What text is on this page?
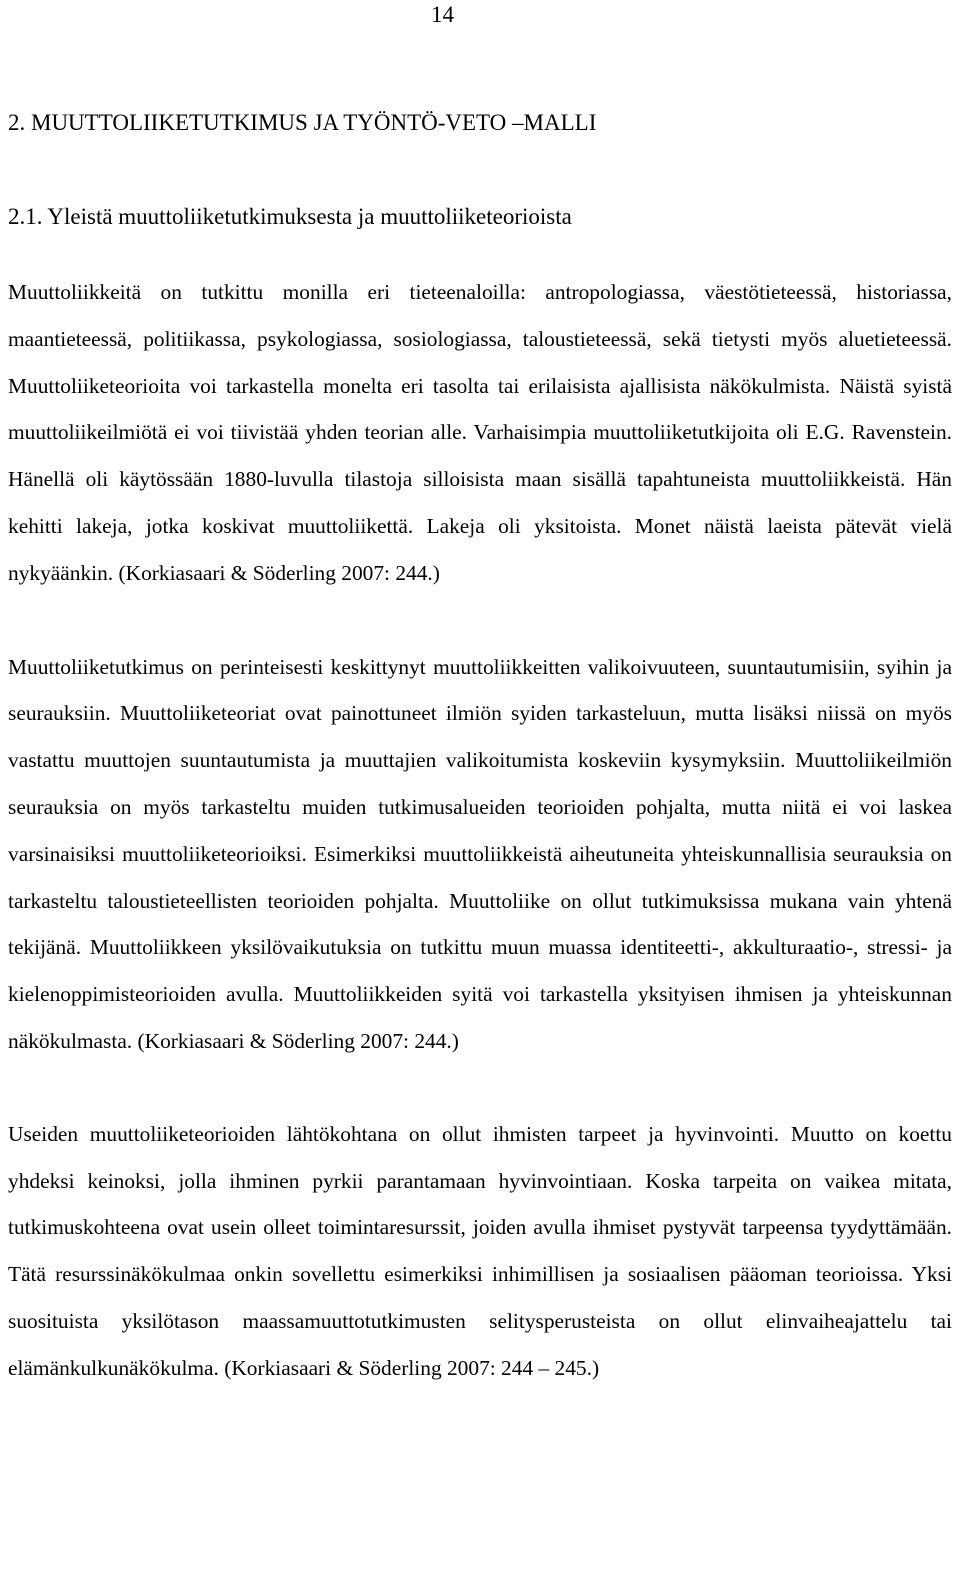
14
2. MUUTTOLIIKETUTKIMUS JA TYÖNTÖ-VETO –MALLI
2.1. Yleistä muuttoliiketutkimuksesta ja muuttoliiketeorioista

Muuttoliikkeitä on tutkittu monilla eri tieteenaloilla: antropologiassa, väestötieteessä, historiassa, maantieteessä, politiikassa, psykologiassa, sosiologiassa, taloustieteessä, sekä tietysti myös aluetieteessä. Muuttoliiketeorioita voi tarkastella monelta eri tasolta tai erilaisista ajallisista näkökulmista. Näistä syistä muuttoliikeilmiötä ei voi tiivistää yhden teorian alle. Varhaisimpia muuttoliiketutkijoita oli E.G. Ravenstein. Hänellä oli käytössään 1880-luvulla tilastoja silloisista maan sisällä tapahtuneista muuttoliikkeistä. Hän kehitti lakeja, jotka koskivat muuttoliikettä. Lakeja oli yksitoista. Monet näistä laeista pätevät vielä nykyäänkin. (Korkiasaari & Söderling 2007: 244.)

Muuttoliiketutkimus on perinteisesti keskittynyt muuttoliikkeitten valikoivuuteen, suuntautumisiin, syihin ja seurauksiin. Muuttoliiketeoriat ovat painottuneet ilmiön syiden tarkasteluun, mutta lisäksi niissä on myös vastattu muuttojen suuntautumista ja muuttajien valikoitumista koskeviin kysymyksiin. Muuttoliikeilmiön seurauksia on myös tarkasteltu muiden tutkimusalueiden teorioiden pohjalta, mutta niitä ei voi laskea varsinaisiksi muuttoliiketeorioiksi. Esimerkiksi muuttoliikkeistä aiheutuneita yhteiskunnallisia seurauksia on tarkasteltu taloustieteellisten teorioiden pohjalta. Muuttoliike on ollut tutkimuksissa mukana vain yhtenä tekijänä. Muuttoliikkeen yksilövaikutuksia on tutkittu muun muassa identiteetti-, akkulturaatio-, stressi- ja kielenoppimisteorioiden avulla. Muuttoliikkeiden syitä voi tarkastella yksityisen ihmisen ja yhteiskunnan näkökulmasta. (Korkiasaari & Söderling 2007: 244.)

Useiden muuttoliiketeorioiden lähtökohtana on ollut ihmisten tarpeet ja hyvinvointi. Muutto on koettu yhdeksi keinoksi, jolla ihminen pyrkii parantamaan hyvinvointiaan. Koska tarpeita on vaikea mitata, tutkimuskohteena ovat usein olleet toimintaresurssit, joiden avulla ihmiset pystyvät tarpeensa tyydyttämään. Tätä resurssinäkökulmaa onkin sovellettu esimerkiksi inhimillisen ja sosiaalisen pääoman teorioissa. Yksi suosituista yksilötason maassamuuttotutkimusten selitysperusteista on ollut elinvaiheajattelu tai elämänkulkunäkökulma. (Korkiasaari & Söderling 2007: 244 – 245.)
